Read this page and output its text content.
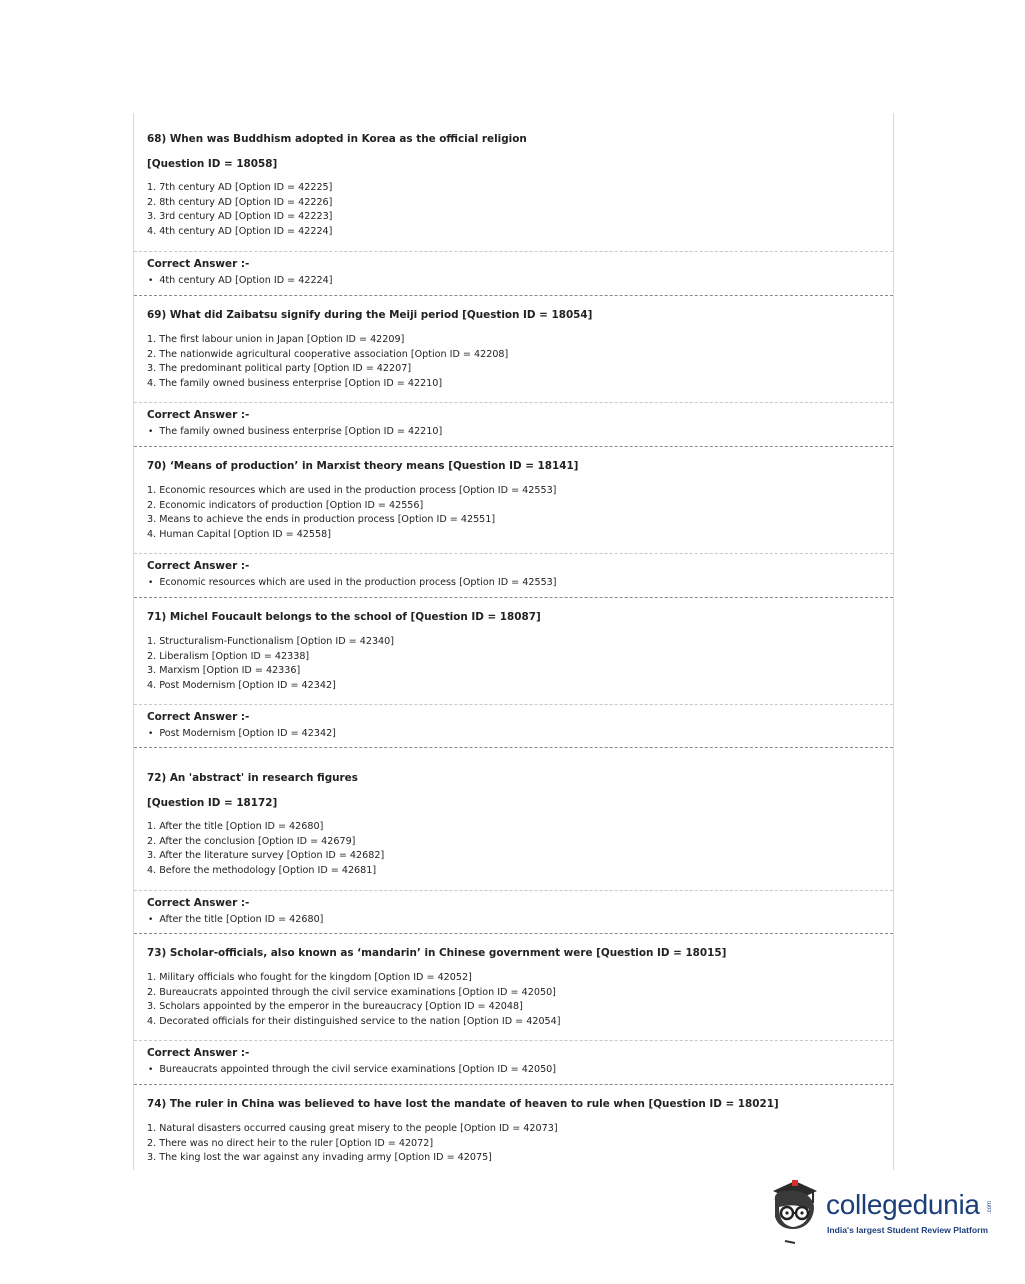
68) When was Buddhism adopted in Korea as the official religion

[Question ID = 18058]

1. 7th century AD [Option ID = 42225]
2. 8th century AD [Option ID = 42226]
3. 3rd century AD [Option ID = 42223]
4. 4th century AD [Option ID = 42224]
Correct Answer :-
• 4th century AD [Option ID = 42224]

69) What did Zaibatsu signify during the Meiji period [Question ID = 18054]

1. The first labour union in Japan [Option ID = 42209]
2. The nationwide agricultural cooperative association [Option ID = 42208]
3. The predominant political party [Option ID = 42207]
4. The family owned business enterprise [Option ID = 42210]
Correct Answer :-
• The family owned business enterprise [Option ID = 42210]

70) ‘Means of production’ in Marxist theory means [Question ID = 18141]

1. Economic resources which are used in the production process [Option ID = 42553]
2. Economic indicators of production [Option ID = 42556]
3. Means to achieve the ends in production process [Option ID = 42551]
4. Human Capital [Option ID = 42558]
Correct Answer :-
• Economic resources which are used in the production process [Option ID = 42553]

71) Michel Foucault belongs to the school of [Question ID = 18087]

1. Structuralism-Functionalism [Option ID = 42340]
2. Liberalism [Option ID = 42338]
3. Marxism [Option ID = 42336]
4. Post Modernism [Option ID = 42342]
Correct Answer :-
• Post Modernism [Option ID = 42342]

72) An 'abstract' in research figures

[Question ID = 18172]

1. After the title [Option ID = 42680]
2. After the conclusion [Option ID = 42679]
3. After the literature survey [Option ID = 42682]
4. Before the methodology [Option ID = 42681]
Correct Answer :-
• After the title [Option ID = 42680]

73) Scholar-officials, also known as ‘mandarin’ in Chinese government were [Question ID = 18015]

1. Military officials who fought for the kingdom [Option ID = 42052]
2. Bureaucrats appointed through the civil service examinations [Option ID = 42050]
3. Scholars appointed by the emperor in the bureaucracy [Option ID = 42048]
4. Decorated officials for their distinguished service to the nation [Option ID = 42054]
Correct Answer :-
• Bureaucrats appointed through the civil service examinations [Option ID = 42050]

74) The ruler in China was believed to have lost the mandate of heaven to rule when [Question ID = 18021]

1. Natural disasters occurred causing great misery to the people [Option ID = 42073]
2. There was no direct heir to the ruler [Option ID = 42072]
3. The king lost the war against any invading army [Option ID = 42075]
collegedunia .com
India's largest Student Review Platform
